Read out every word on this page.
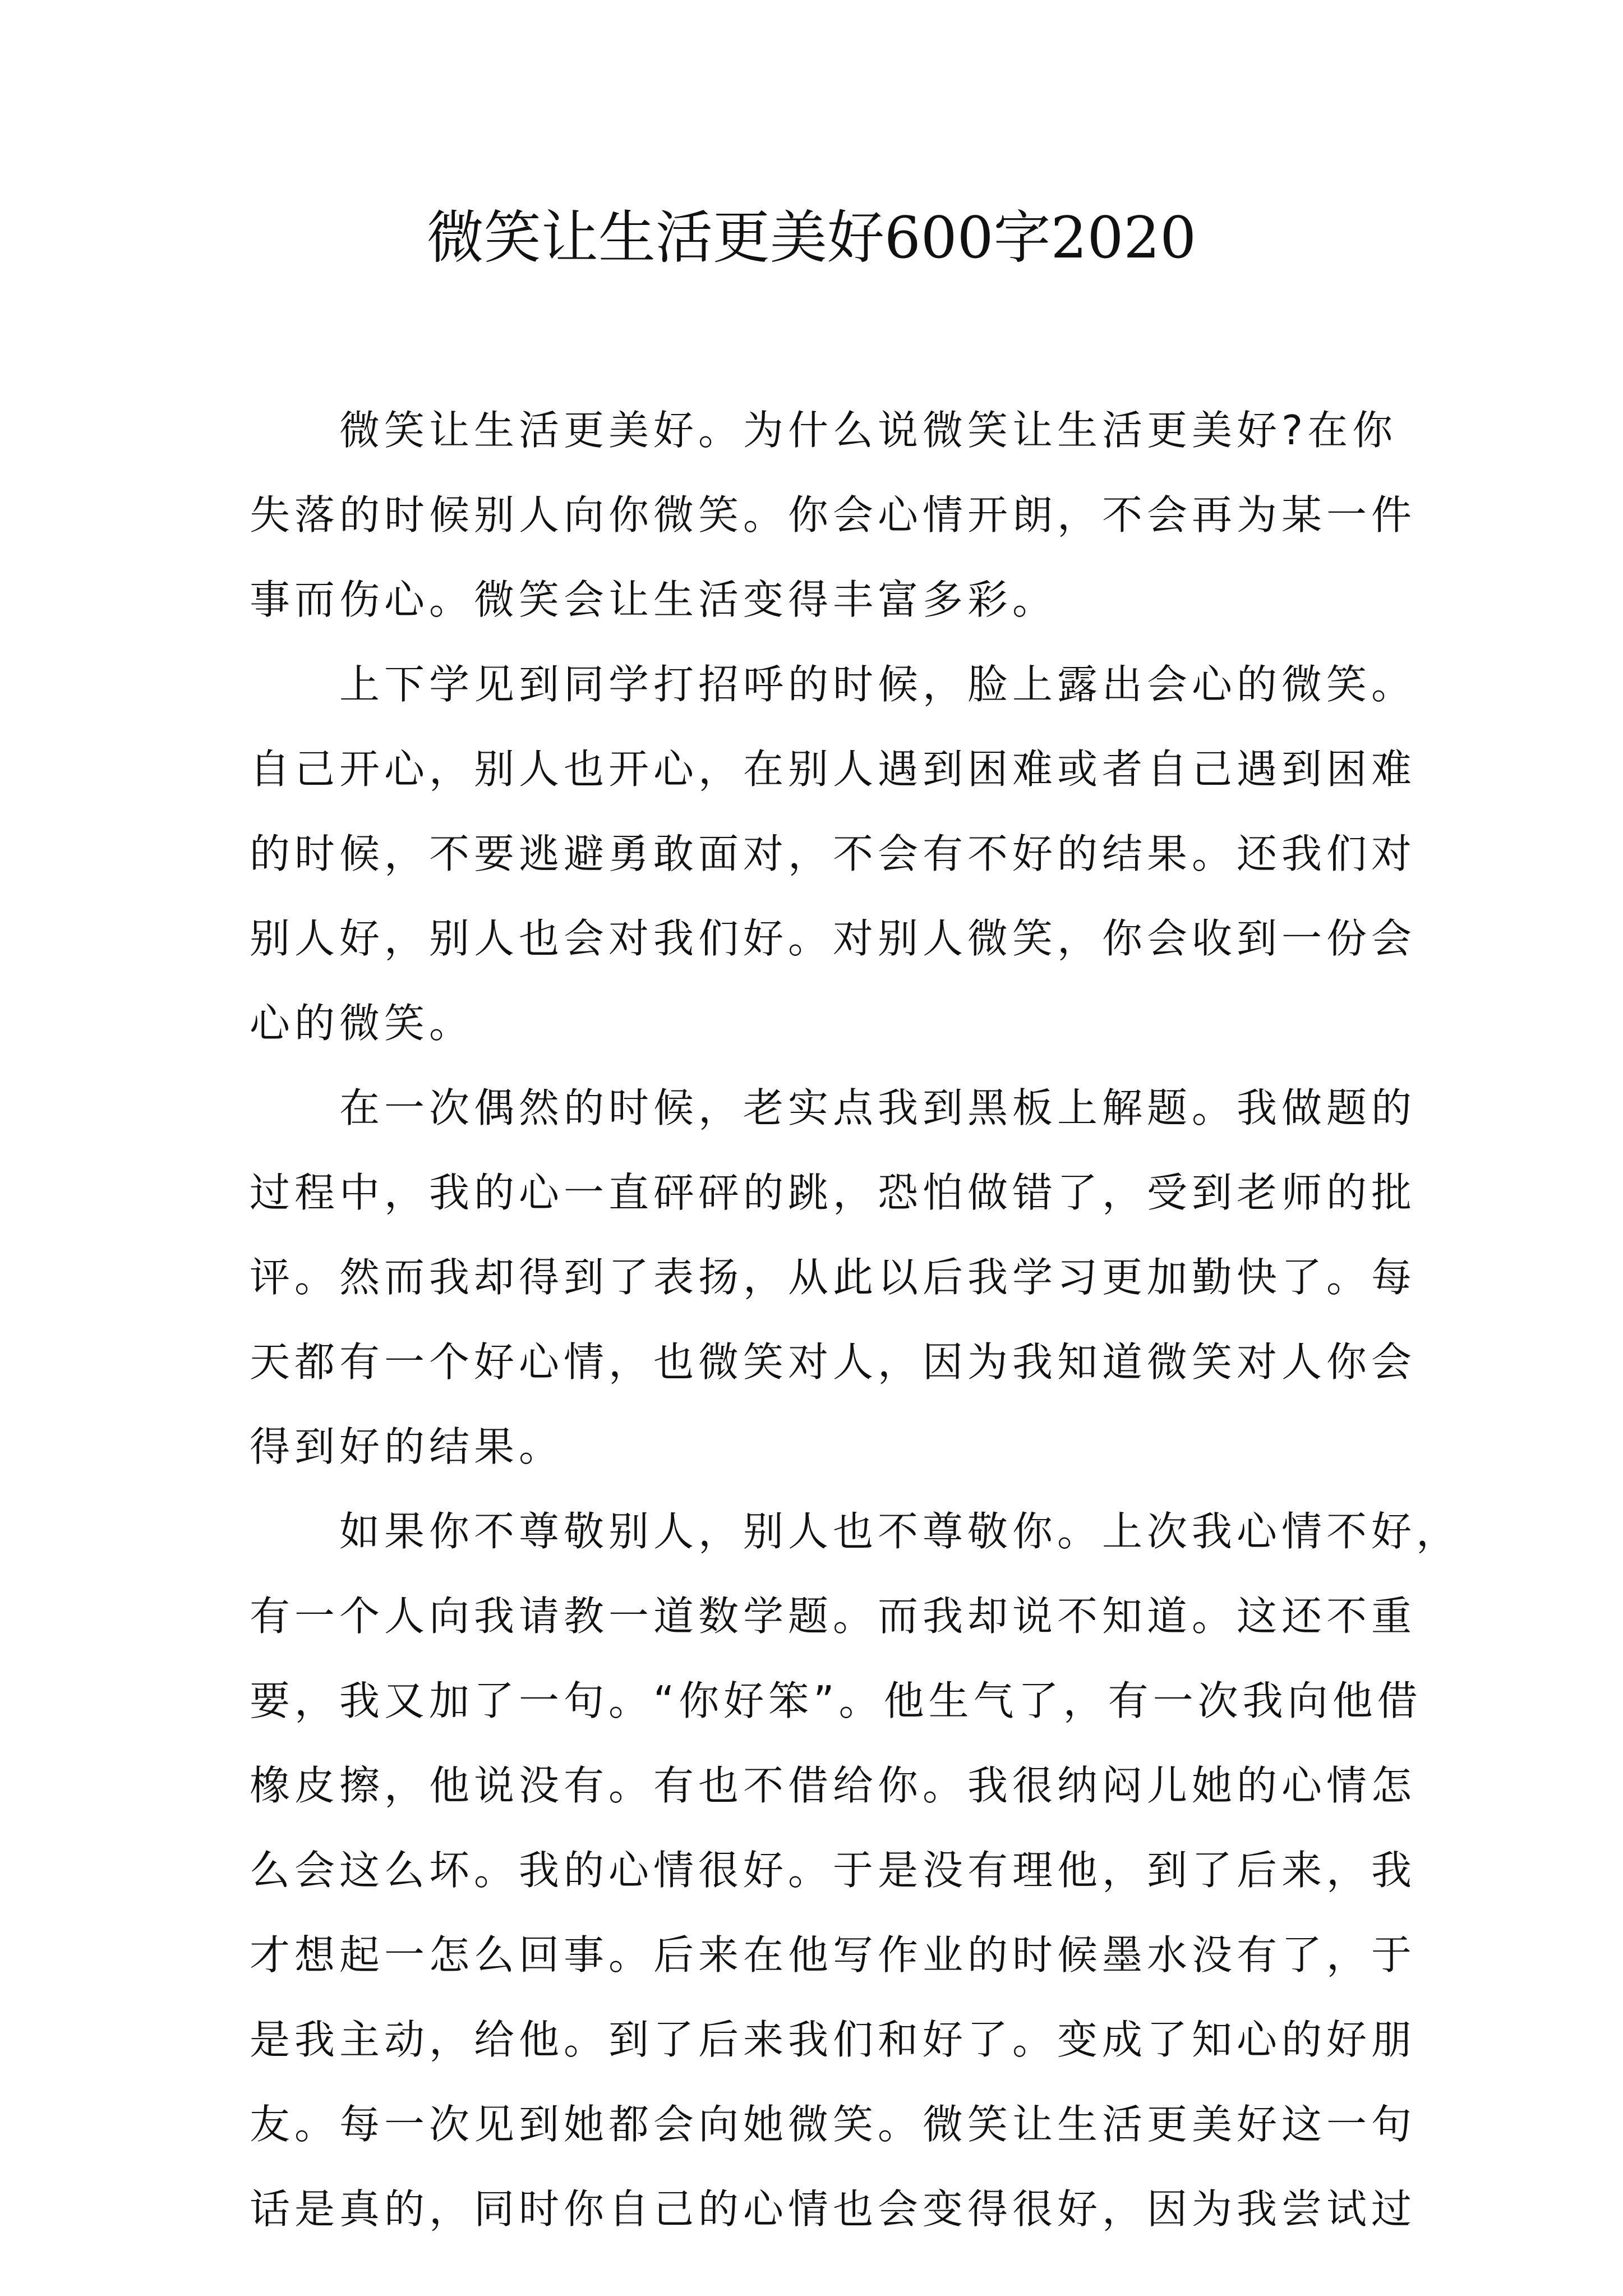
微笑让生活更美好600字2020
微笑让生活更美好。为什么说微笑让生活更美好?在你
失落的时候别人向你微笑。你会心情开朗，不会再为某一件
事而伤心。微笑会让生活变得丰富多彩。
上下学见到同学打招呼的时候，脸上露出会心的微笑。
自己开心，别人也开心，在别人遇到困难或者自己遇到困难
的时候，不要逃避勇敢面对，不会有不好的结果。还我们对
别人好，别人也会对我们好。对别人微笑，你会收到一份会
心的微笑。
在一次偶然的时候，老实点我到黑板上解题。我做题的
过程中，我的心一直砰砰的跳，恐怕做错了，受到老师的批
评。然而我却得到了表扬，从此以后我学习更加勤快了。每
天都有一个好心情，也微笑对人，因为我知道微笑对人你会
得到好的结果。
如果你不尊敬别人，别人也不尊敬你。上次我心情不好，
有一个人向我请教一道数学题。而我却说不知道。这还不重
要，我又加了一句。“你好笨”。他生气了，有一次我向他借
橡皮擦，他说没有。有也不借给你。我很纳闷儿她的心情怎
么会这么坏。我的心情很好。于是没有理他，到了后来，我
才想起一怎么回事。后来在他写作业的时候墨水没有了，于
是我主动，给他。到了后来我们和好了。变成了知心的好朋
友。每一次见到她都会向她微笑。微笑让生活更美好这一句
话是真的，同时你自己的心情也会变得很好，因为我尝试过
